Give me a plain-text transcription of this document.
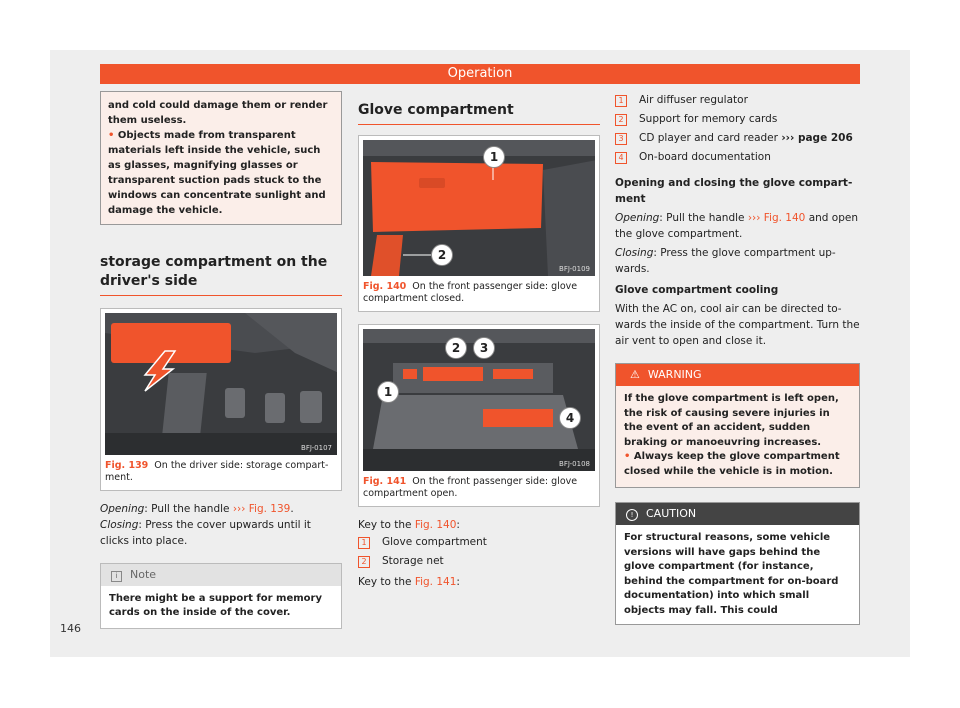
Operation

and cold could damage them or render them useless.

• Objects made from transparent materials left inside the vehicle, such as glasses, magnifying glasses or transparent suction pads stuck to the windows can concentrate sunlight and damage the vehicle.

storage compartment on the driver's side
BFJ-0107
Fig. 139 On the driver side: storage compartment.

Opening: Pull the handle ››› Fig. 139.

Closing: Press the cover upwards until it clicks into place.

i Note
There might be a support for memory cards on the inside of the cover.
Glove compartment
1
2
BFJ-0109
Fig. 140 On the front passenger side: glove compartment closed.
2	3
1
4
BFJ-0108
Fig. 141 On the front passenger side: glove compartment open.

Key to the Fig. 140:

1	Glove compartment
2	Storage net

Key to the Fig. 141:

1	Air diffuser regulator
2	Support for memory cards
3	CD player and card reader
››› page 206
4	On-board documentation

Opening and closing the glove compartment

Opening: Pull the handle ››› Fig. 140 and open the glove compartment.

Closing: Press the glove compartment upwards.

Glove compartment cooling

With the AC on, cool air can be directed towards the inside of the compartment. Turn the air vent to open and close it.

⚠ WARNING
If the glove compartment is left open, the risk of causing severe injuries in the event of an accident, sudden braking or manoeuvring increases.
• Always keep the glove compartment closed while the vehicle is in motion.
! CAUTION
For structural reasons, some vehicle versions will have gaps behind the glove compartment (for instance, behind the compartment for on-board documentation) into which small objects may fall. This could
146
